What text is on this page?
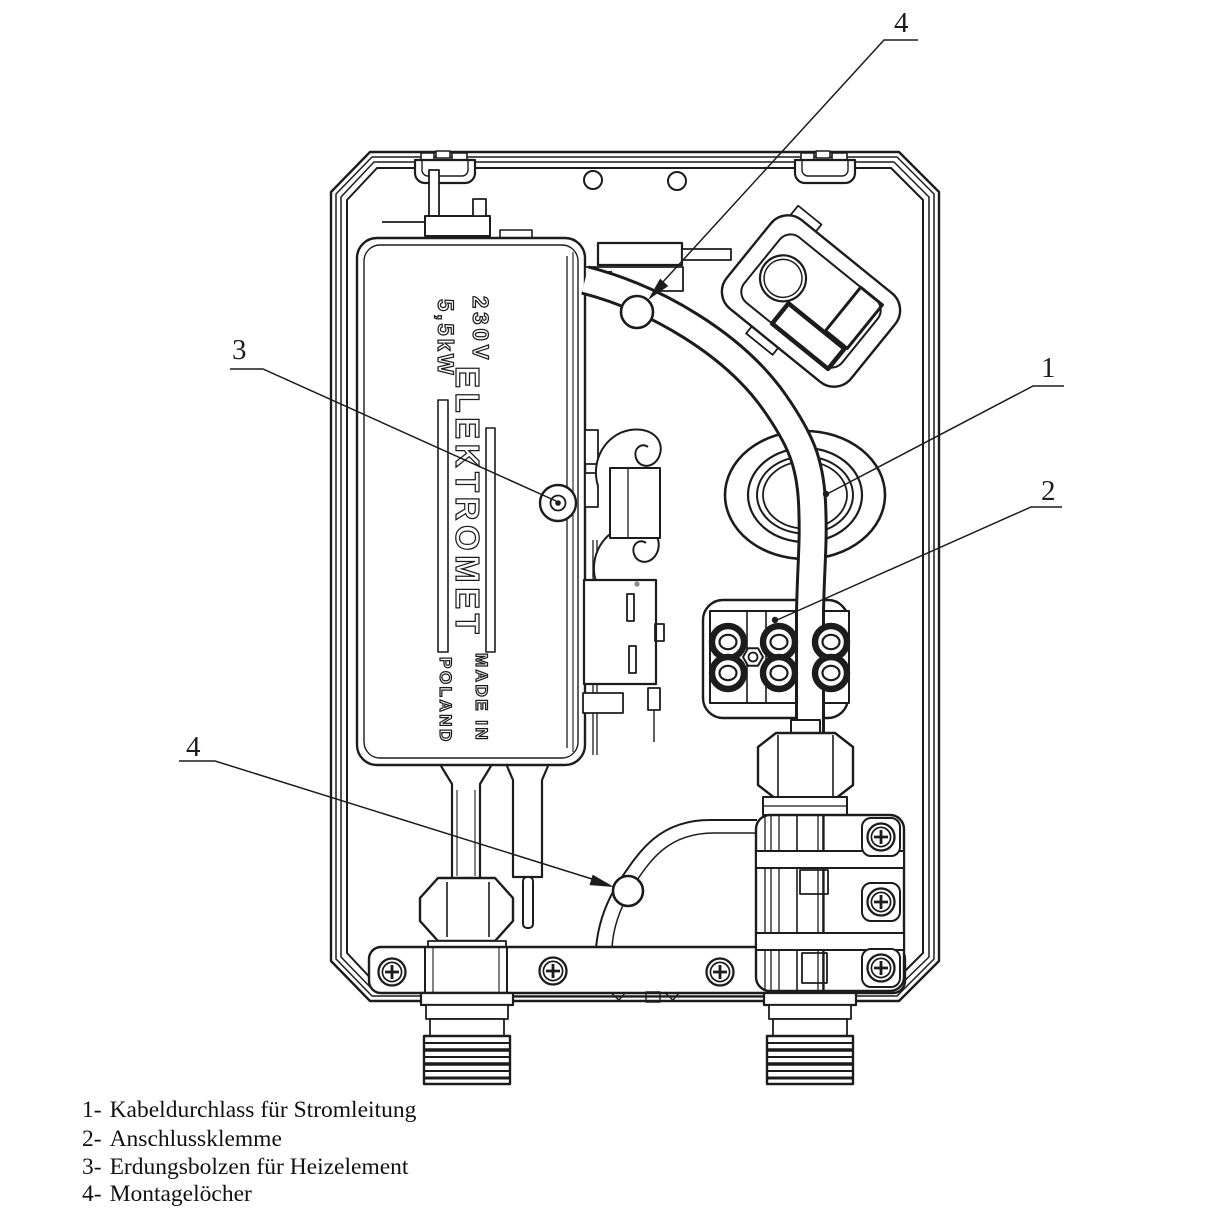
230V
5,5kW
ELEKTROMET
MADE IN
POLAND
1
2
3
4
4
1- Kabeldurchlass für Stromleitung
2- Anschlussklemme
3- Erdungsbolzen für Heizelement
4- Montagelöcher
